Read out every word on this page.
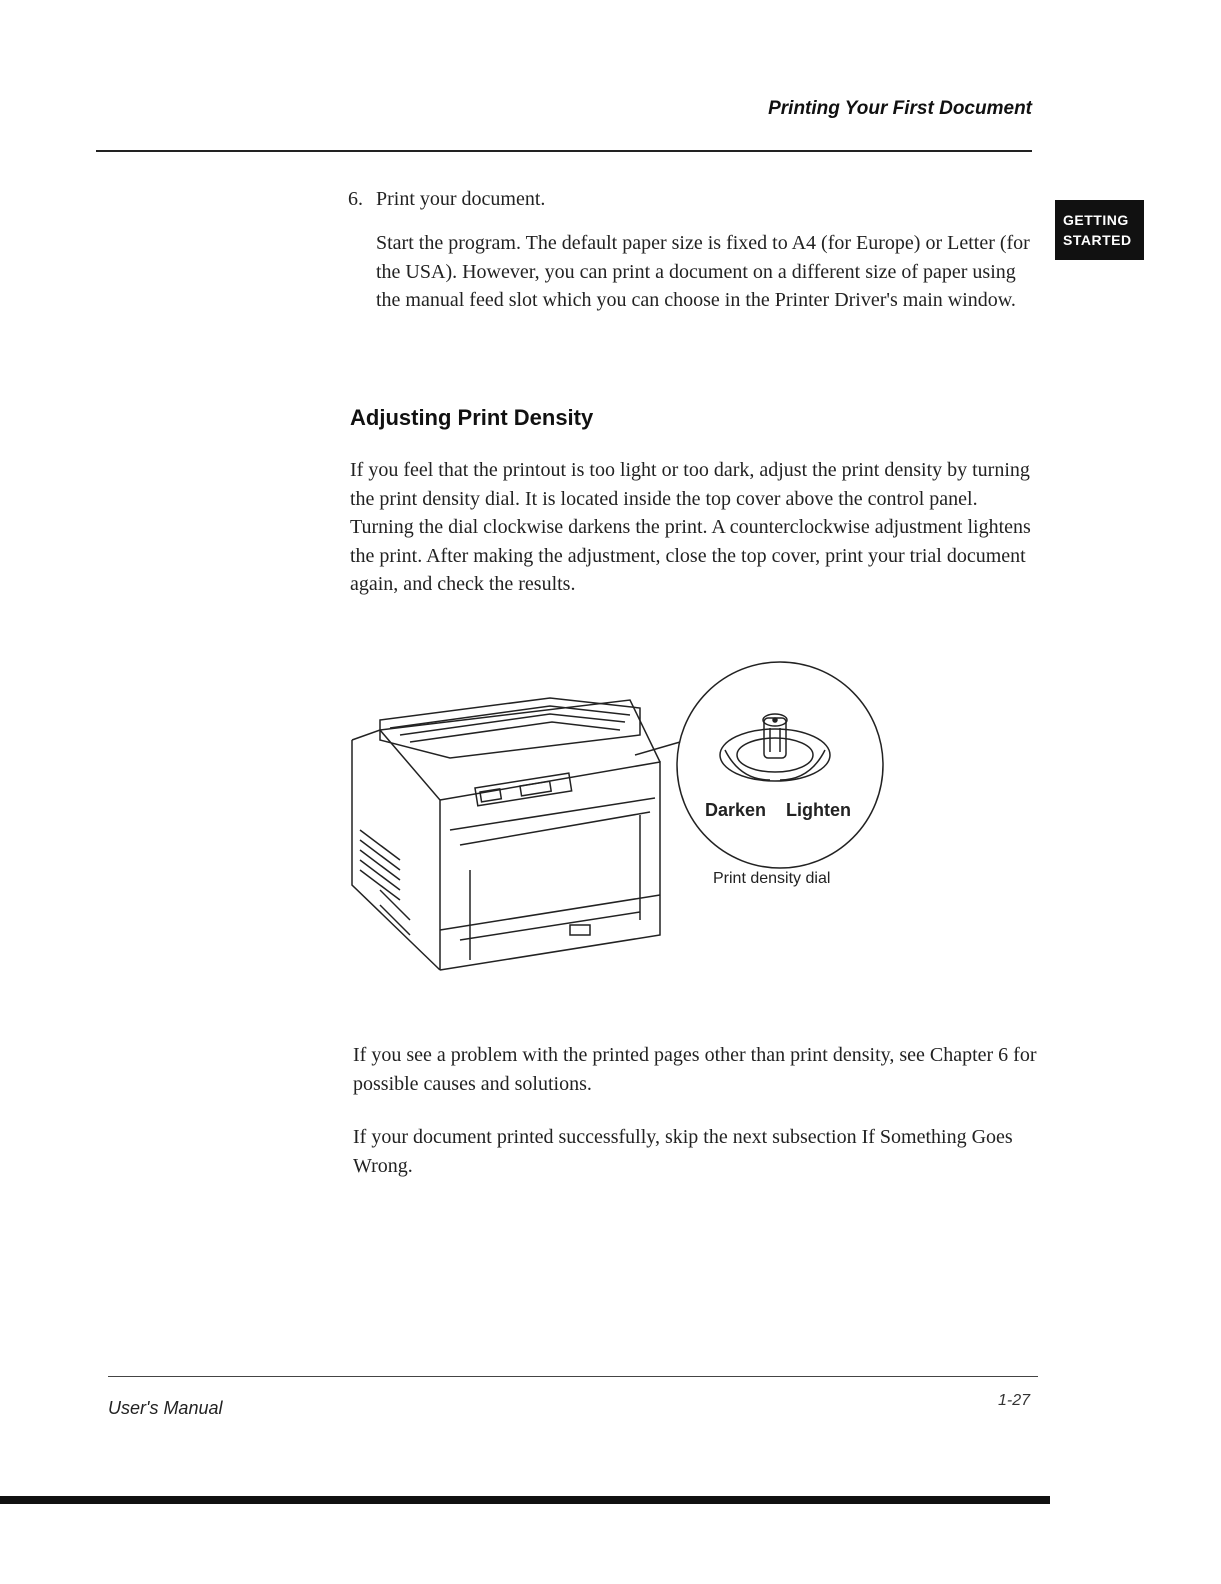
Printing Your First Document
GETTING
STARTED
6. Print your document.
Start the program. The default paper size is fixed to A4 (for Europe) or Letter (for the USA). However, you can print a document on a different size of paper using the manual feed slot which you can choose in the Printer Driver's main window.
Adjusting Print Density
If you feel that the printout is too light or too dark, adjust the print density by turning the print density dial. It is located inside the top cover above the control panel. Turning the dial clockwise darkens the print. A counterclockwise adjustment lightens the print. After making the adjustment, close the top cover, print your trial document again, and check the results.
Darken Lighten
Print density dial
If you see a problem with the printed pages other than print density, see Chapter 6 for possible causes and solutions.
If your document printed successfully, skip the next subsection If Something Goes Wrong.
User's Manual	1-27
